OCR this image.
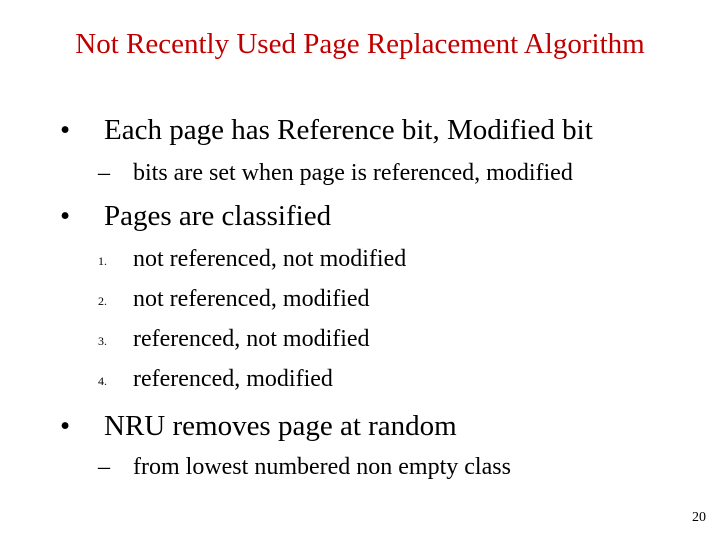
Not Recently Used Page Replacement Algorithm
• Each page has Reference bit, Modified bit
– bits are set when page is referenced, modified
• Pages are classified
1. not referenced, not modified
2. not referenced, modified
3. referenced, not modified
4. referenced, modified
• NRU removes page at random
– from lowest numbered non empty class
20
